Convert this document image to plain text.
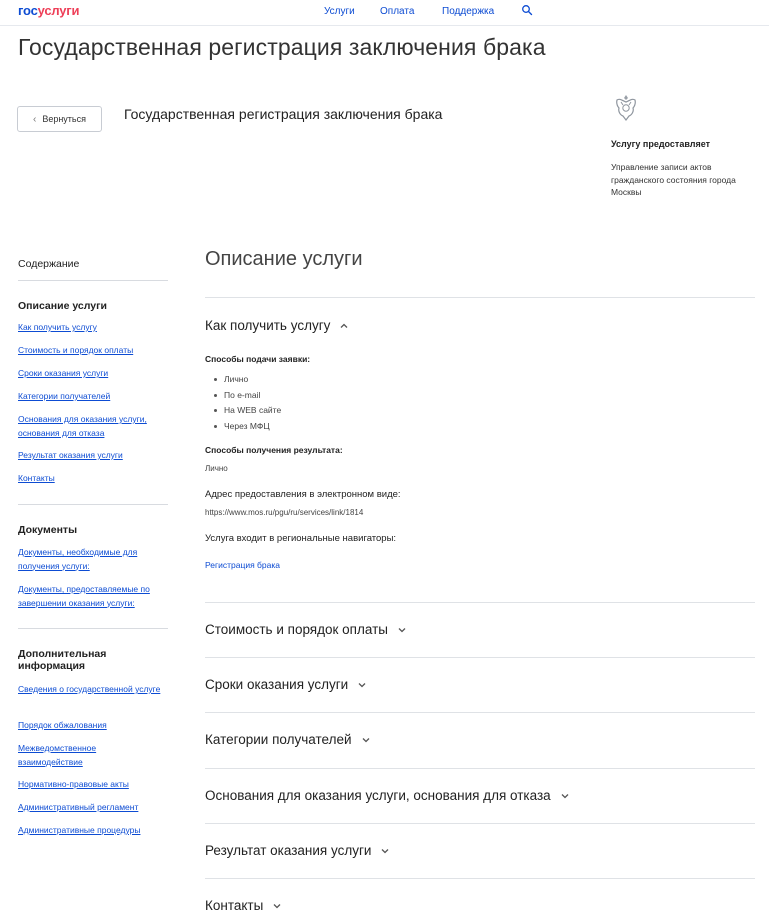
госуслуги	Услуги	Оплата	Поддержка
Государственная регистрация заключения брака
‹ Вернуться	Государственная регистрация заключения брака
Услугу предоставляет
Управление записи актов гражданского состояния города Москвы
Содержание
Описание услуги
Как получить услугу
Стоимость и порядок оплаты
Сроки оказания услуги
Категории получателей
Основания для оказания услуги, основания для отказа
Результат оказания услуги
Контакты
Документы
Документы, необходимые для получения услуги:
Документы, предоставляемые по завершении оказания услуги:
Дополнительная информация
Сведения о государственной услуге
Порядок обжалования
Межведомственное взаимодействие
Нормативно-правовые акты
Административный регламент
Административные процедуры
Описание услуги
Как получить услугу
Способы подачи заявки:
Лично
По e-mail
На WEB сайте
Через МФЦ
Способы получения результата:
Лично
Адрес предоставления в электронном виде:
https://www.mos.ru/pgu/ru/services/link/1814
Услуга входит в региональные навигаторы:
Регистрация брака
Стоимость и порядок оплаты
Сроки оказания услуги
Категории получателей
Основания для оказания услуги, основания для отказа
Результат оказания услуги
Контакты
